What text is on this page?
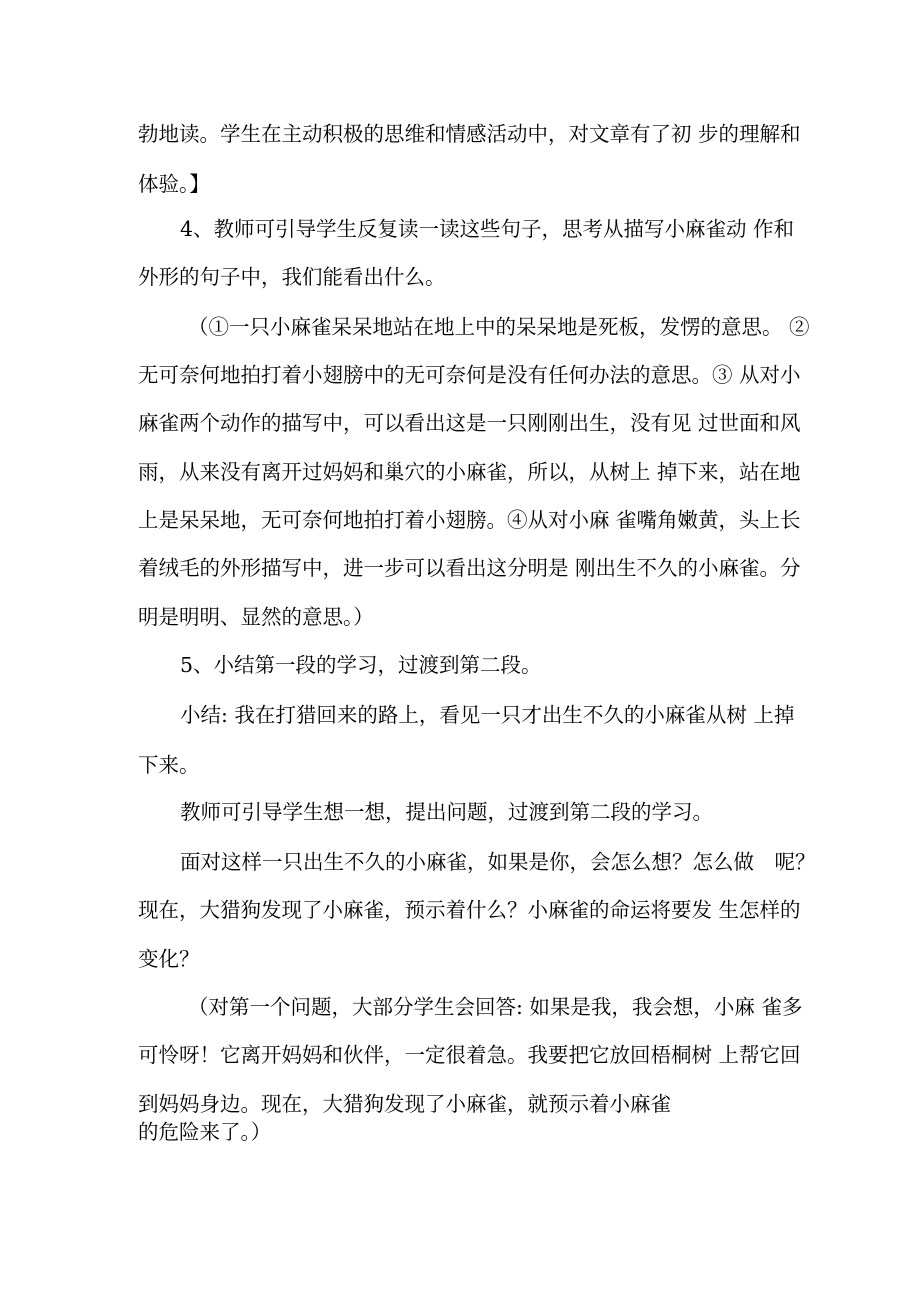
勃地读。学生在主动积极的思维和情感活动中，对文章有了初 步的理解和
体验。】
4、教师可引导学生反复读一读这些句子，思考从描写小麻雀动 作和
外形的句子中，我们能看出什么。
（①一只小麻雀呆呆地站在地上中的呆呆地是死板，发愣的意思。 ②
无可奈何地拍打着小翅膀中的无可奈何是没有任何办法的意思。③ 从对小
麻雀两个动作的描写中，可以看出这是一只刚刚出生，没有见 过世面和风
雨，从来没有离开过妈妈和巢穴的小麻雀，所以，从树上 掉下来，站在地
上是呆呆地，无可奈何地拍打着小翅膀。④从对小麻 雀嘴角嫩黄，头上长
着绒毛的外形描写中，进一步可以看出这分明是 刚出生不久的小麻雀。分
明是明明、显然的意思。）
5、小结第一段的学习，过渡到第二段。
小结: 我在打猎回来的路上，看见一只才出生不久的小麻雀从树 上掉
下来。
教师可引导学生想一想，提出问题，过渡到第二段的学习。
面对这样一只出生不久的小麻雀，如果是你，会怎么想？怎么做　呢？
现在，大猎狗发现了小麻雀，预示着什么？小麻雀的命运将要发 生怎样的
变化？
（对第一个问题，大部分学生会回答: 如果是我，我会想，小麻 雀多
可怜呀！它离开妈妈和伙伴，一定很着急。我要把它放回梧桐树 上帮它回
到妈妈身边。现在，大猎狗发现了小麻雀，就预示着小麻雀
的危险来了。）
